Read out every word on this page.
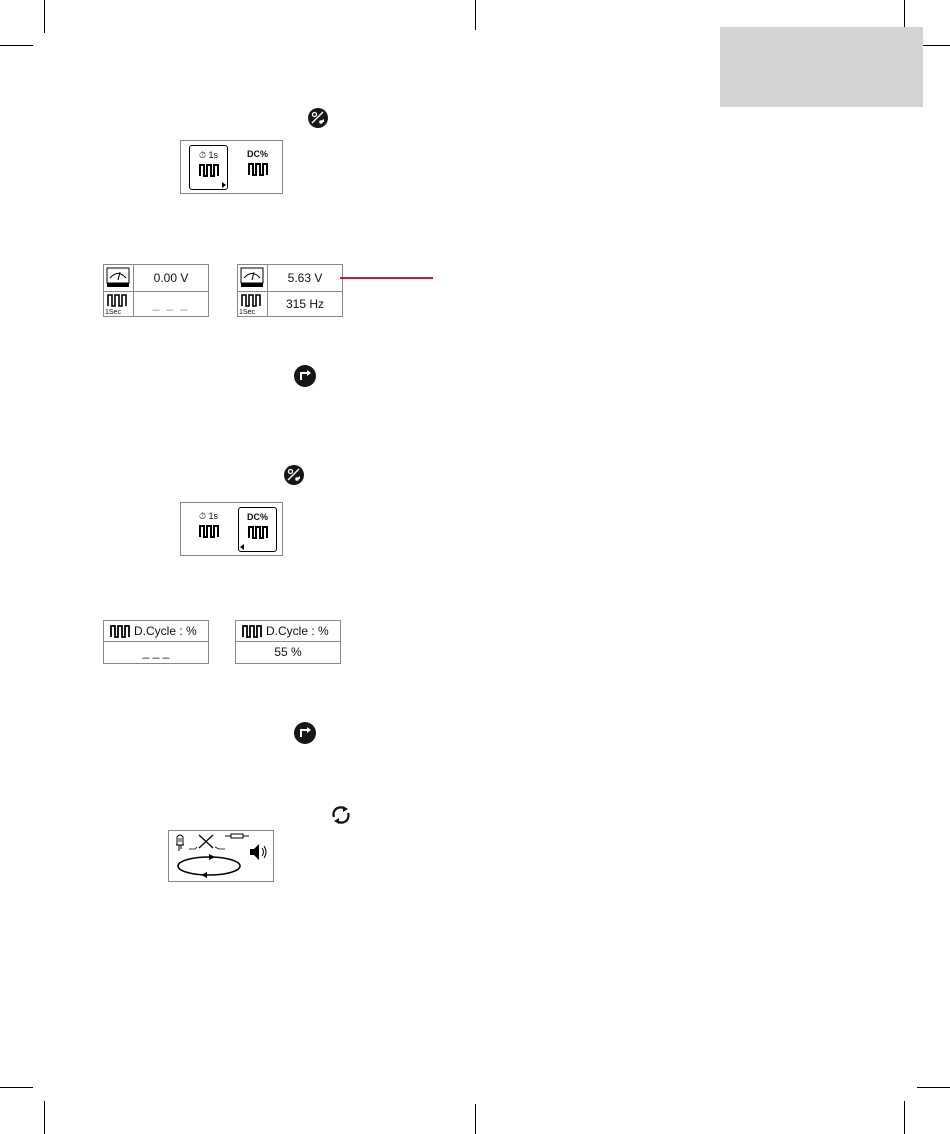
⏱ 1s	DC%
0.00 V
1Sec
_ _ _
5.63 V
1Sec
315 Hz
⏱ 1s	DC%
D.Cycle : %
_ _ _
D.Cycle : %
55 %
